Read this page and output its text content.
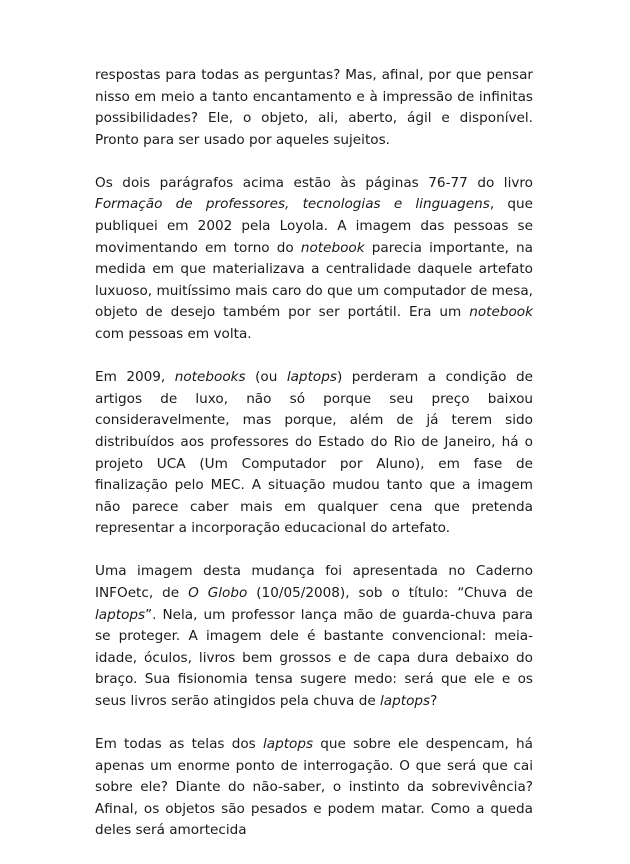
respostas para todas as perguntas? Mas, afinal, por que pensar nisso em meio a tanto encantamento e à impressão de infinitas possibilidades? Ele, o objeto, ali, aberto, ágil e disponível. Pronto para ser usado por aqueles sujeitos.

Os dois parágrafos acima estão às páginas 76-77 do livro Formação de professores, tecnologias e linguagens, que publiquei em 2002 pela Loyola. A imagem das pessoas se movimentando em torno do notebook parecia importante, na medida em que materializava a centralidade daquele artefato luxuoso, muitíssimo mais caro do que um computador de mesa, objeto de desejo também por ser portátil. Era um notebook com pessoas em volta.

Em 2009, notebooks (ou laptops) perderam a condição de artigos de luxo, não só porque seu preço baixou consideravelmente, mas porque, além de já terem sido distribuídos aos professores do Estado do Rio de Janeiro, há o projeto UCA (Um Computador por Aluno), em fase de finalização pelo MEC. A situação mudou tanto que a imagem não parece caber mais em qualquer cena que pretenda representar a incorporação educacional do artefato.

Uma imagem desta mudança foi apresentada no Caderno INFOetc, de O Globo (10/05/2008), sob o título: “Chuva de laptops”. Nela, um professor lança mão de guarda-chuva para se proteger. A imagem dele é bastante convencional: meia-idade, óculos, livros bem grossos e de capa dura debaixo do braço. Sua fisionomia tensa sugere medo: será que ele e os seus livros serão atingidos pela chuva de laptops?

Em todas as telas dos laptops que sobre ele despencam, há apenas um enorme ponto de interrogação. O que será que cai sobre ele? Diante do não-saber, o instinto da sobrevivência? Afinal, os objetos são pesados e podem matar. Como a queda deles será amortecida
